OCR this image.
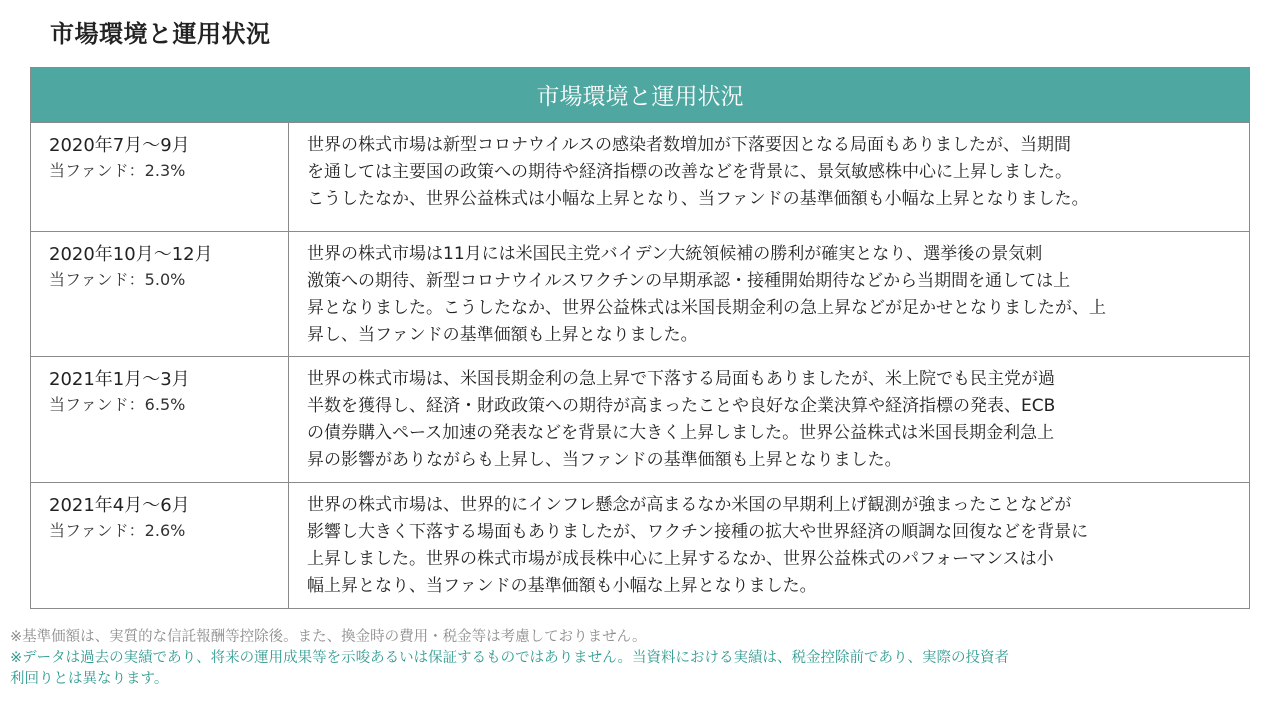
市場環境と運用状況
市場環境と運用状況
2020年7月～9月
当ファンド：2.3%
世界の株式市場は新型コロナウイルスの感染者数増加が下落要因となる局面もありましたが、当期間
を通しては主要国の政策への期待や経済指標の改善などを背景に、景気敏感株中心に上昇しました。
こうしたなか、世界公益株式は小幅な上昇となり、当ファンドの基準価額も小幅な上昇となりました。
2020年10月～12月
当ファンド：5.0%
世界の株式市場は11月には米国民主党バイデン大統領候補の勝利が確実となり、選挙後の景気刺
激策への期待、新型コロナウイルスワクチンの早期承認・接種開始期待などから当期間を通しては上
昇となりました。こうしたなか、世界公益株式は米国長期金利の急上昇などが足かせとなりましたが、上
昇し、当ファンドの基準価額も上昇となりました。
2021年1月～3月
当ファンド：6.5%
世界の株式市場は、米国長期金利の急上昇で下落する局面もありましたが、米上院でも民主党が過
半数を獲得し、経済・財政政策への期待が高まったことや良好な企業決算や経済指標の発表、ECB
の債券購入ペース加速の発表などを背景に大きく上昇しました。世界公益株式は米国長期金利急上
昇の影響がありながらも上昇し、当ファンドの基準価額も上昇となりました。
2021年4月～6月
当ファンド：2.6%
世界の株式市場は、世界的にインフレ懸念が高まるなか米国の早期利上げ観測が強まったことなどが
影響し大きく下落する場面もありましたが、ワクチン接種の拡大や世界経済の順調な回復などを背景に
上昇しました。世界の株式市場が成長株中心に上昇するなか、世界公益株式のパフォーマンスは小
幅上昇となり、当ファンドの基準価額も小幅な上昇となりました。
※基準価額は、実質的な信託報酬等控除後。また、換金時の費用・税金等は考慮しておりません。
※データは過去の実績であり、将来の運用成果等を示唆あるいは保証するものではありません。当資料における実績は、税金控除前であり、実際の投資者
利回りとは異なります。
